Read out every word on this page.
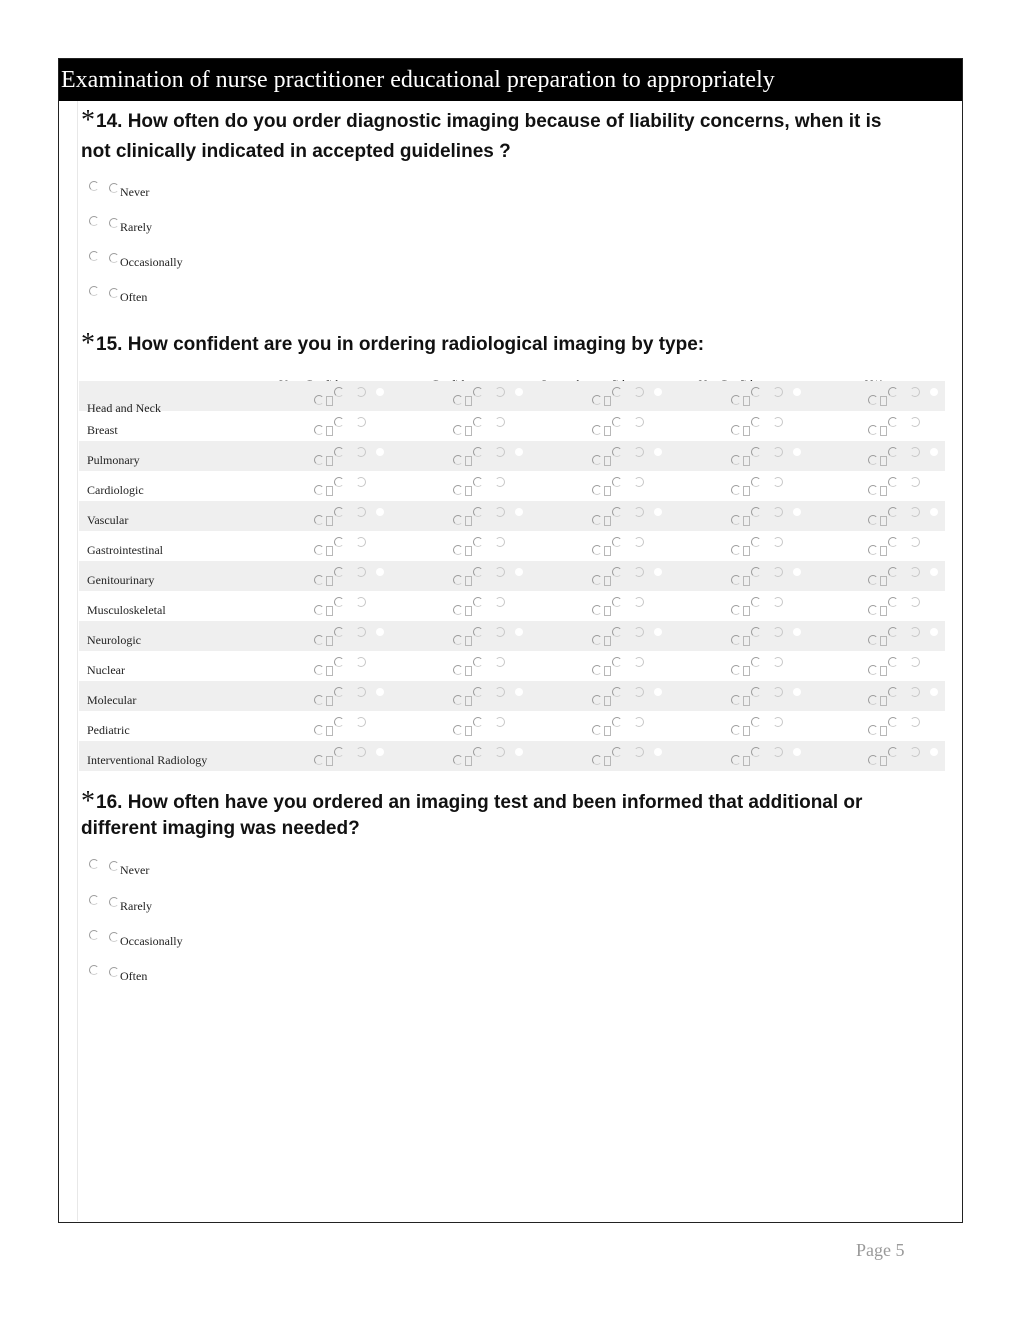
Examination of nurse practitioner educational preparation to appropriately
*14. How often do you order diagnostic imaging because of liability concerns, when it is
not clinically indicated in accepted guidelines ?
Never
Rarely
Occasionally
Often
*15. How confident are you in ordering radiological imaging by type:
Head and Neck
Breast
Pulmonary
Cardiologic
Vascular
Gastrointestinal
Genitourinary
Musculoskeletal
Neurologic
Nuclear
Molecular
Pediatric
Interventional Radiology
*16. How often have you ordered an imaging test and been informed that additional or
different imaging was needed?
Never
Rarely
Occasionally
Often
Page 5
